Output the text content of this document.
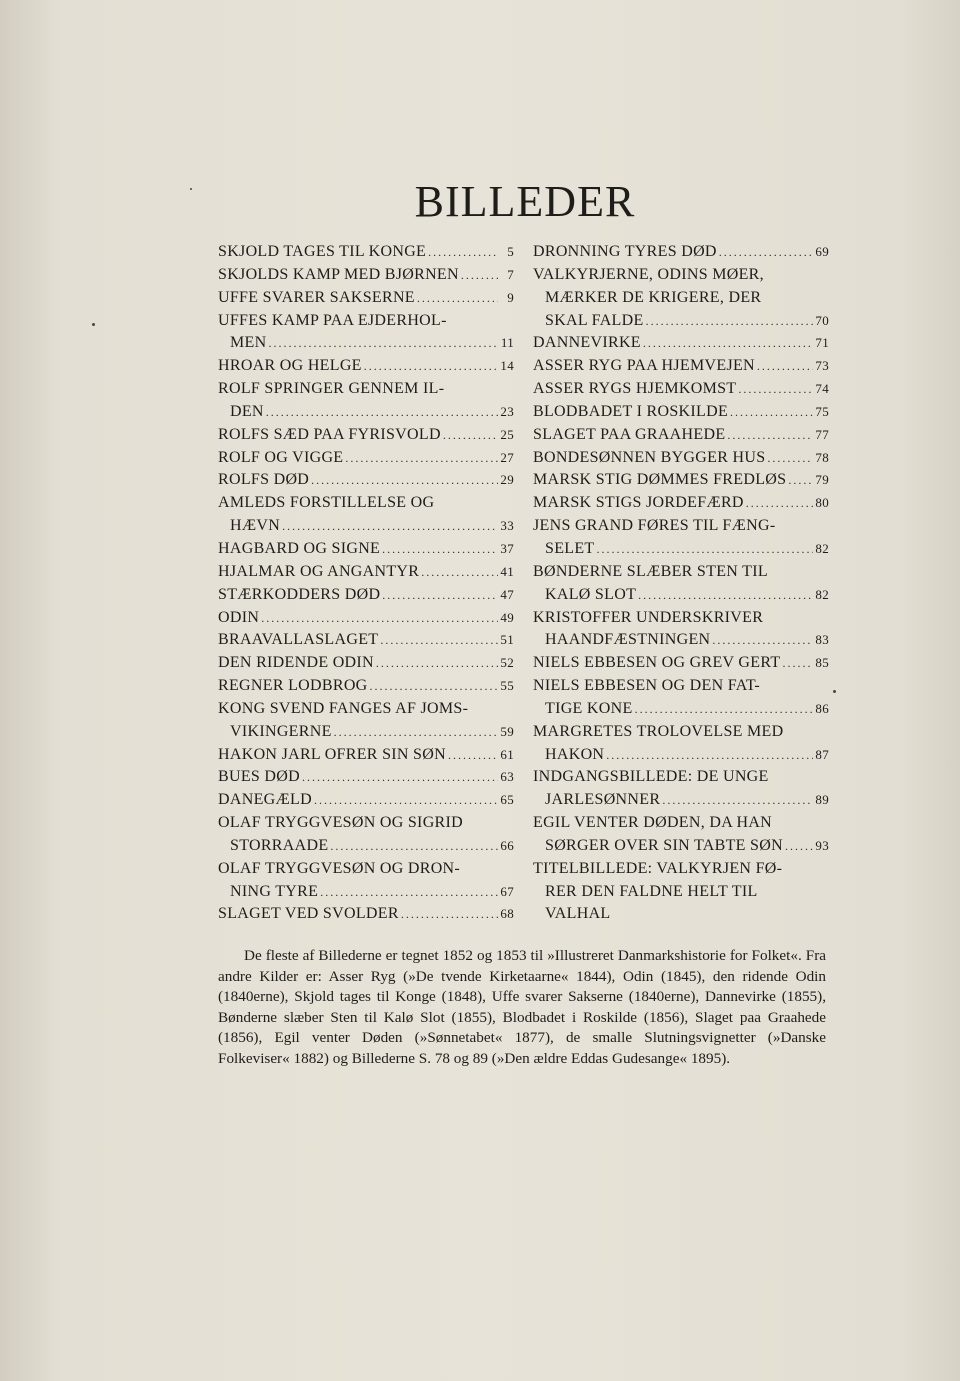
BILLEDER
SKJOLD TAGES TIL KONGE .....	5
SKJOLDS KAMP MED BJØRNEN .....	7
UFFE SVARER SAKSERNE .....	9
UFFES KAMP PAA EJDERHOL-
MEN .....	11
HROAR OG HELGE .....	14
ROLF SPRINGER GENNEM IL-
DEN .....	23
ROLFS SÆD PAA FYRISVOLD .....	25
ROLF OG VIGGE .....	27
ROLFS DØD .....	29
AMLEDS FORSTILLELSE OG
HÆVN .....	33
HAGBARD OG SIGNE .....	37
HJALMAR OG ANGANTYR .....	41
STÆRKODDERS DØD .....	47
ODIN .....	49
BRAAVALLASLAGET .....	51
DEN RIDENDE ODIN .....	52
REGNER LODBROG .....	55
KONG SVEND FANGES AF JOMS-
VIKINGERNE .....	59
HAKON JARL OFRER SIN SØN .....	61
BUES DØD .....	63
DANEGÆLD .....	65
OLAF TRYGGVESØN OG SIGRID
STORRAADE .....	66
OLAF TRYGGVESØN OG DRON-
NING TYRE .....	67
SLAGET VED SVOLDER .....	68
DRONNING TYRES DØD .....	69
VALKYRJERNE, ODINS MØER,
MÆRKER DE KRIGERE, DER
SKAL FALDE .....	70
DANNEVIRKE .....	71
ASSER RYG PAA HJEMVEJEN .....	73
ASSER RYGS HJEMKOMST .....	74
BLODBADET I ROSKILDE .....	75
SLAGET PAA GRAAHEDE .....	77
BONDESØNNEN BYGGER HUS .....	78
MARSK STIG DØMMES FREDLØS ..... 79
MARSK STIGS JORDEFÆRD .....	80
JENS GRAND FØRES TIL FÆNG-
SELET .....	82
BØNDERNE SLÆBER STEN TIL
KALØ SLOT .....	82
KRISTOFFER UNDERSKRIVER
HAANDFÆSTNINGEN .....	83
NIELS EBBESEN OG GREV GERT .....	85
NIELS EBBESEN OG DEN FAT-
TIGE KONE .....	86
MARGRETES TROLOVELSE MED
HAKON .....	87
INDGANGSBILLEDE: DE UNGE
JARLESØNNER .....	89
EGIL VENTER DØDEN, DA HAN
SØRGER OVER SIN TABTE SØN ..... 93
TITELBILLEDE: VALKYRJEN FØ-
RER DEN FALDNE HELT TIL
VALHAL
De fleste af Billederne er tegnet 1852 og 1853 til »Illustreret Danmarkshistorie for Folket«. Fra andre Kilder er: Asser Ryg (»De tvende Kirketaarne« 1844), Odin (1845), den ridende Odin (1840erne), Skjold tages til Konge (1848), Uffe svarer Sakserne (1840erne), Dannevirke (1855), Bønderne slæber Sten til Kalø Slot (1855), Blodbadet i Roskilde (1856), Slaget paa Graahede (1856), Egil venter Døden (»Sønnetabet« 1877), de smalle Slutningsvignetter (»Danske Folkeviser« 1882) og Billederne S. 78 og 89 (»Den ældre Eddas Gudesange« 1895).
